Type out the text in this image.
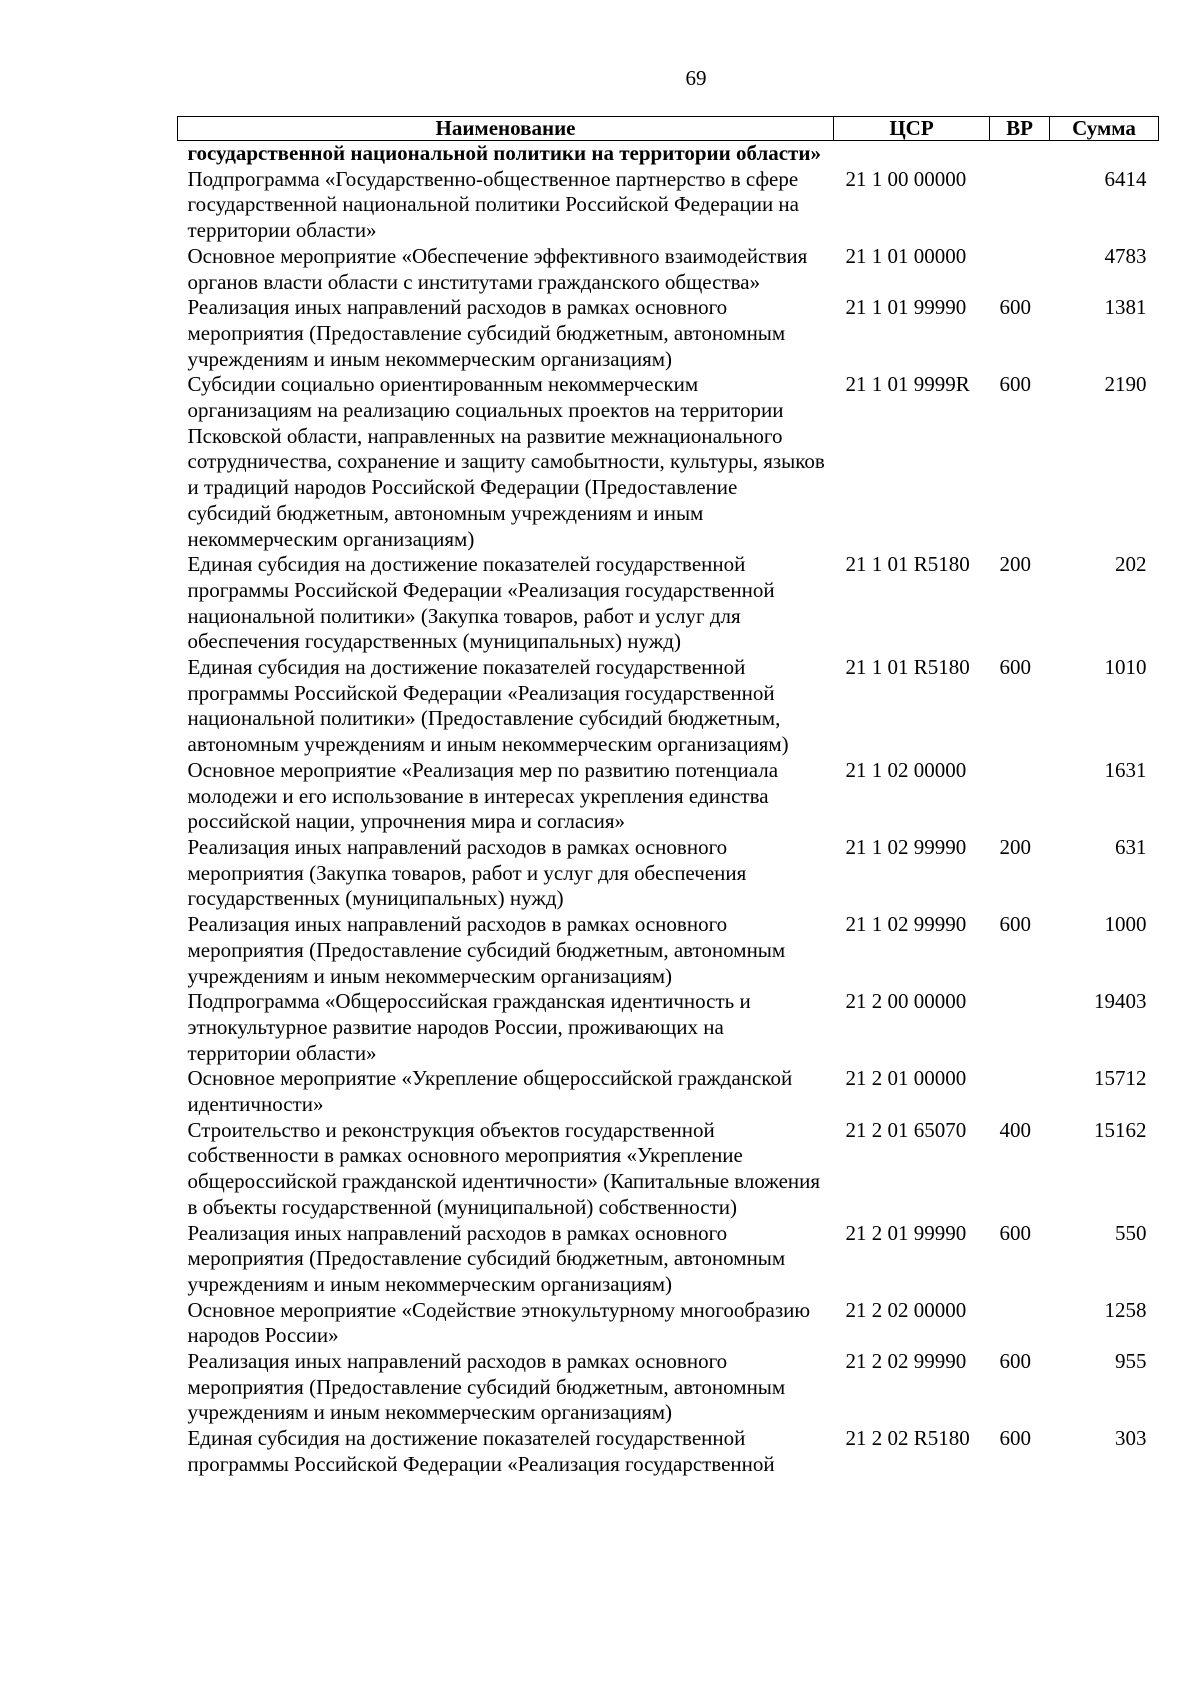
69
Наименование	ЦСР	ВР	Сумма
государственной национальной политики на территории области»			
Подпрограмма «Государственно-общественное партнерство в сфере государственной национальной политики Российской Федерации на территории области»	21 1 00 00000		6414
Основное мероприятие «Обеспечение эффективного взаимодействия органов власти области с институтами гражданского общества»	21 1 01 00000		4783
Реализация иных направлений расходов в рамках основного мероприятия (Предоставление субсидий бюджетным, автономным учреждениям и иным некоммерческим организациям)	21 1 01 99990	600	1381
Субсидии социально ориентированным некоммерческим организациям на реализацию социальных проектов на территории Псковской области, направленных на развитие межнационального сотрудничества, сохранение и защиту самобытности, культуры, языков и традиций народов Российской Федерации (Предоставление субсидий бюджетным, автономным учреждениям и иным некоммерческим организациям)	21 1 01 9999R	600	2190
Единая субсидия на достижение показателей государственной программы Российской Федерации «Реализация государственной национальной политики» (Закупка товаров, работ и услуг для обеспечения государственных (муниципальных) нужд)	21 1 01 R5180	200	202
Единая субсидия на достижение показателей государственной программы Российской Федерации «Реализация государственной национальной политики» (Предоставление субсидий бюджетным, автономным учреждениям и иным некоммерческим организациям)	21 1 01 R5180	600	1010
Основное мероприятие «Реализация мер по развитию потенциала молодежи и его использование в интересах укрепления единства российской нации, упрочнения мира и согласия»	21 1 02 00000		1631
Реализация иных направлений расходов в рамках основного мероприятия (Закупка товаров, работ и услуг для обеспечения государственных (муниципальных) нужд)	21 1 02 99990	200	631
Реализация иных направлений расходов в рамках основного мероприятия (Предоставление субсидий бюджетным, автономным учреждениям и иным некоммерческим организациям)	21 1 02 99990	600	1000
Подпрограмма «Общероссийская гражданская идентичность и этнокультурное развитие народов России, проживающих на территории области»	21 2 00 00000		19403
Основное мероприятие «Укрепление общероссийской гражданской идентичности»	21 2 01 00000		15712
Строительство и реконструкция объектов государственной собственности в рамках основного мероприятия «Укрепление общероссийской гражданской идентичности» (Капитальные вложения в объекты государственной (муниципальной) собственности)	21 2 01 65070	400	15162
Реализация иных направлений расходов в рамках основного мероприятия (Предоставление субсидий бюджетным, автономным учреждениям и иным некоммерческим организациям)	21 2 01 99990	600	550
Основное мероприятие «Содействие этнокультурному многообразию народов России»	21 2 02 00000		1258
Реализация иных направлений расходов в рамках основного мероприятия (Предоставление субсидий бюджетным, автономным учреждениям и иным некоммерческим организациям)	21 2 02 99990	600	955
Единая субсидия на достижение показателей государственной программы Российской Федерации «Реализация государственной	21 2 02 R5180	600	303
